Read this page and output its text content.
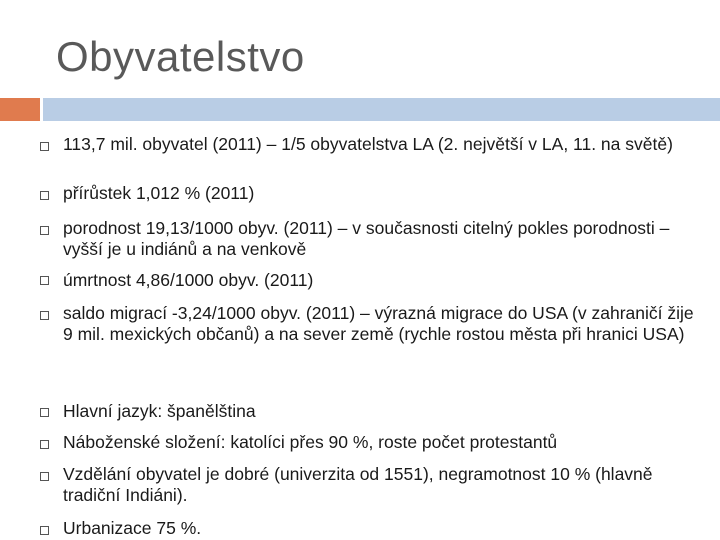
Obyvatelstvo
113,7 mil. obyvatel (2011) – 1/5 obyvatelstva LA (2. největší v LA, 11. na světě)
přírůstek 1,012 % (2011)
porodnost 19,13/1000 obyv. (2011) – v současnosti citelný pokles porodnosti – vyšší je u indiánů a na venkově
úmrtnost 4,86/1000 obyv. (2011)
saldo migrací -3,24/1000 obyv. (2011) – výrazná migrace do USA (v zahraničí žije 9 mil. mexických občanů) a na sever země (rychle rostou města při hranici USA)
Hlavní jazyk: španělština
Náboženské složení: katolíci přes 90 %, roste počet protestantů
Vzdělání obyvatel je dobré (univerzita od 1551), negramotnost 10 % (hlavně tradiční Indiáni).
Urbanizace 75 %.
